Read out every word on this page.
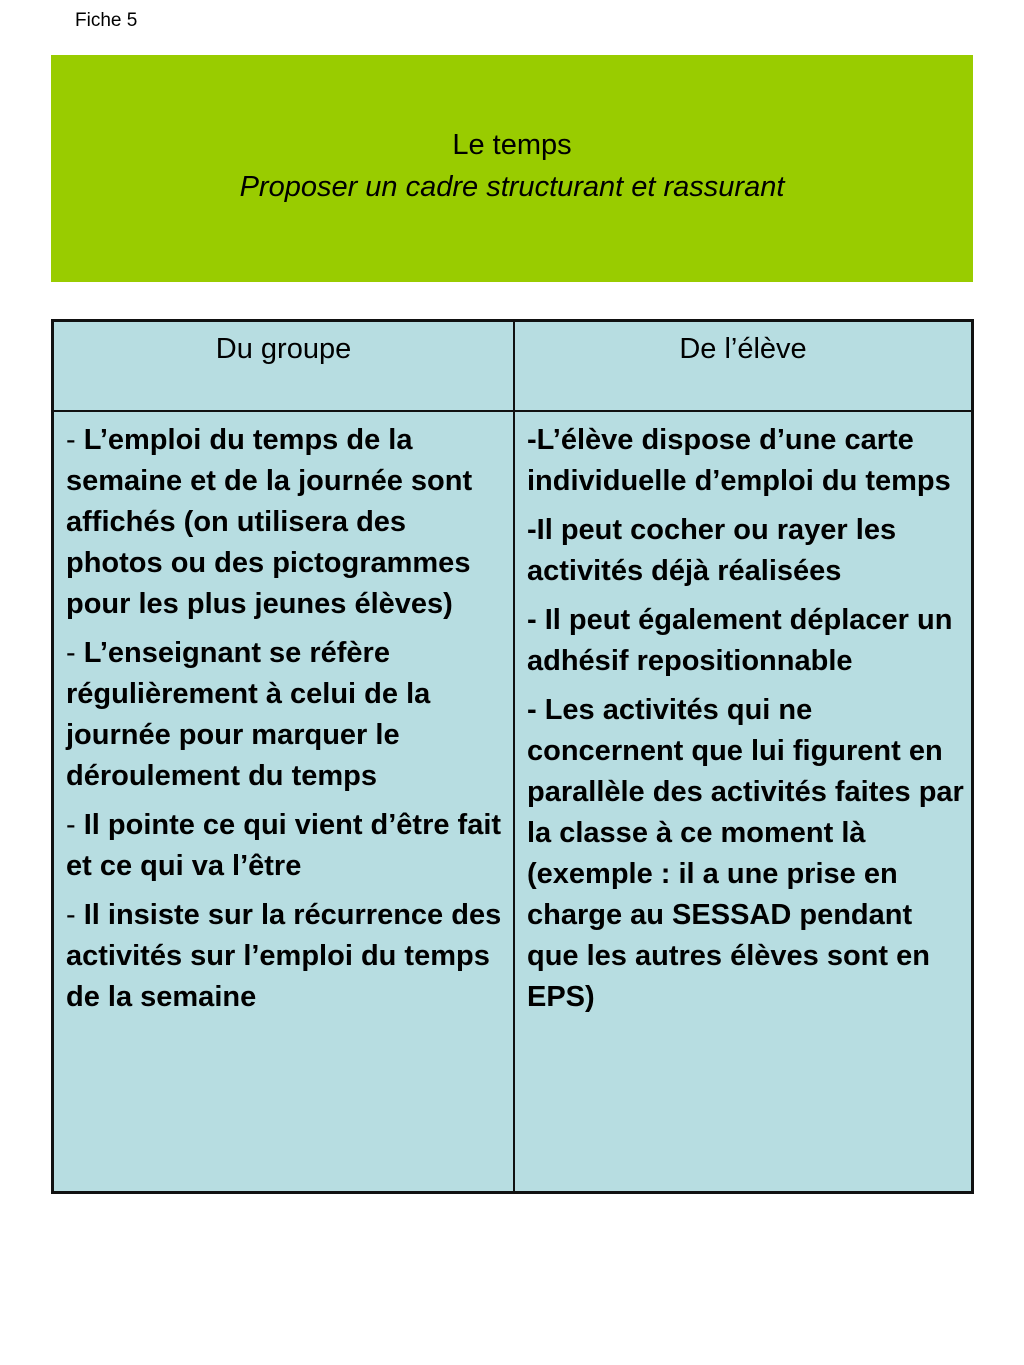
Fiche 5
Le temps
Proposer un cadre structurant et rassurant
Du groupe	De l’élève

- L’emploi du temps de la semaine et de la journée sont affichés (on utilisera des photos ou des pictogrammes pour les plus jeunes élèves)

- L’enseignant se réfère régulièrement à celui de la journée pour marquer le déroulement du temps

- Il pointe ce qui vient d’être fait et ce qui va l’être

- Il insiste sur la récurrence des activités sur l’emploi du temps de la semaine

-L’élève dispose d’une carte individuelle d’emploi du temps

-Il peut cocher ou rayer les activités déjà réalisées

- Il peut également déplacer un adhésif repositionnable

- Les activités qui ne concernent que lui figurent en parallèle des activités faites par la classe à ce moment là (exemple : il a une prise en charge au SESSAD pendant que les autres élèves sont en EPS)
